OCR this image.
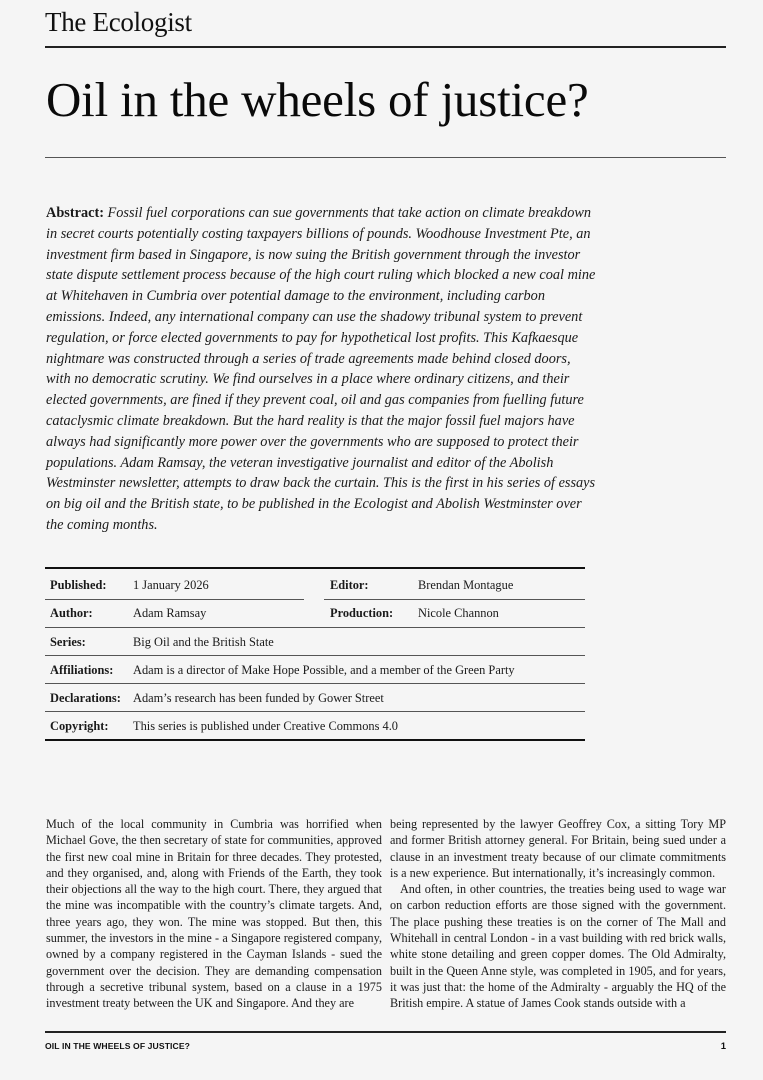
The Ecologist
Oil in the wheels of justice?
Abstract: Fossil fuel corporations can sue governments that take action on climate breakdown in secret courts potentially costing taxpayers billions of pounds. Woodhouse Investment Pte, an investment firm based in Singapore, is now suing the British government through the investor state dispute settlement process because of the high court ruling which blocked a new coal mine at Whitehaven in Cumbria over potential damage to the environment, including carbon emissions. Indeed, any international company can use the shadowy tribunal system to prevent regulation, or force elected governments to pay for hypothetical lost profits. This Kafkaesque nightmare was constructed through a series of trade agreements made behind closed doors, with no democratic scrutiny. We find ourselves in a place where ordinary citizens, and their elected governments, are fined if they prevent coal, oil and gas companies from fuelling future cataclysmic climate breakdown. But the hard reality is that the major fossil fuel majors have always had significantly more power over the governments who are supposed to protect their populations. Adam Ramsay, the veteran investigative journalist and editor of the Abolish Westminster newsletter, attempts to draw back the curtain. This is the first in his series of essays on big oil and the British state, to be published in the Ecologist and Abolish Westminster over the coming months.
Published: 1 January 2026	Editor:	Brendan Montague
Author:	Adam Ramsay	Production: Nicole Channon
Series:	Big Oil and the British State
Affiliations: Adam is a director of Make Hope Possible, and a member of the Green Party
Declarations: Adam’s research has been funded by Gower Street
Copyright: This series is published under Creative Commons 4.0

Much of the local community in Cumbria was horrified when Michael Gove, the then secretary of state for communities, approved the first new coal mine in Britain for three decades. They protested, and they organised, and, along with Friends of the Earth, they took their objections all the way to the high court. There, they argued that the mine was incompatible with the country’s climate targets. And, three years ago, they won. The mine was stopped. But then, this summer, the investors in the mine - a Singapore registered company, owned by a company registered in the Cayman Islands - sued the government over the decision. They are demanding compensation through a secretive tribunal system, based on a clause in a 1975 investment treaty between the UK and Singapore. And they are

being represented by the lawyer Geoffrey Cox, a sitting Tory MP and former British attorney general. For Britain, being sued under a clause in an investment treaty because of our climate commitments is a new experience. But internationally, it’s increasingly common.

And often, in other countries, the treaties being used to wage war on carbon reduction efforts are those signed with the government. The place pushing these treaties is on the corner of The Mall and Whitehall in central London - in a vast building with red brick walls, white stone detailing and green copper domes. The Old Admiralty, built in the Queen Anne style, was completed in 1905, and for years, it was just that: the home of the Admiralty - arguably the HQ of the British empire. A statue of James Cook stands outside with a

OIL IN THE WHEELS OF JUSTICE?	1
